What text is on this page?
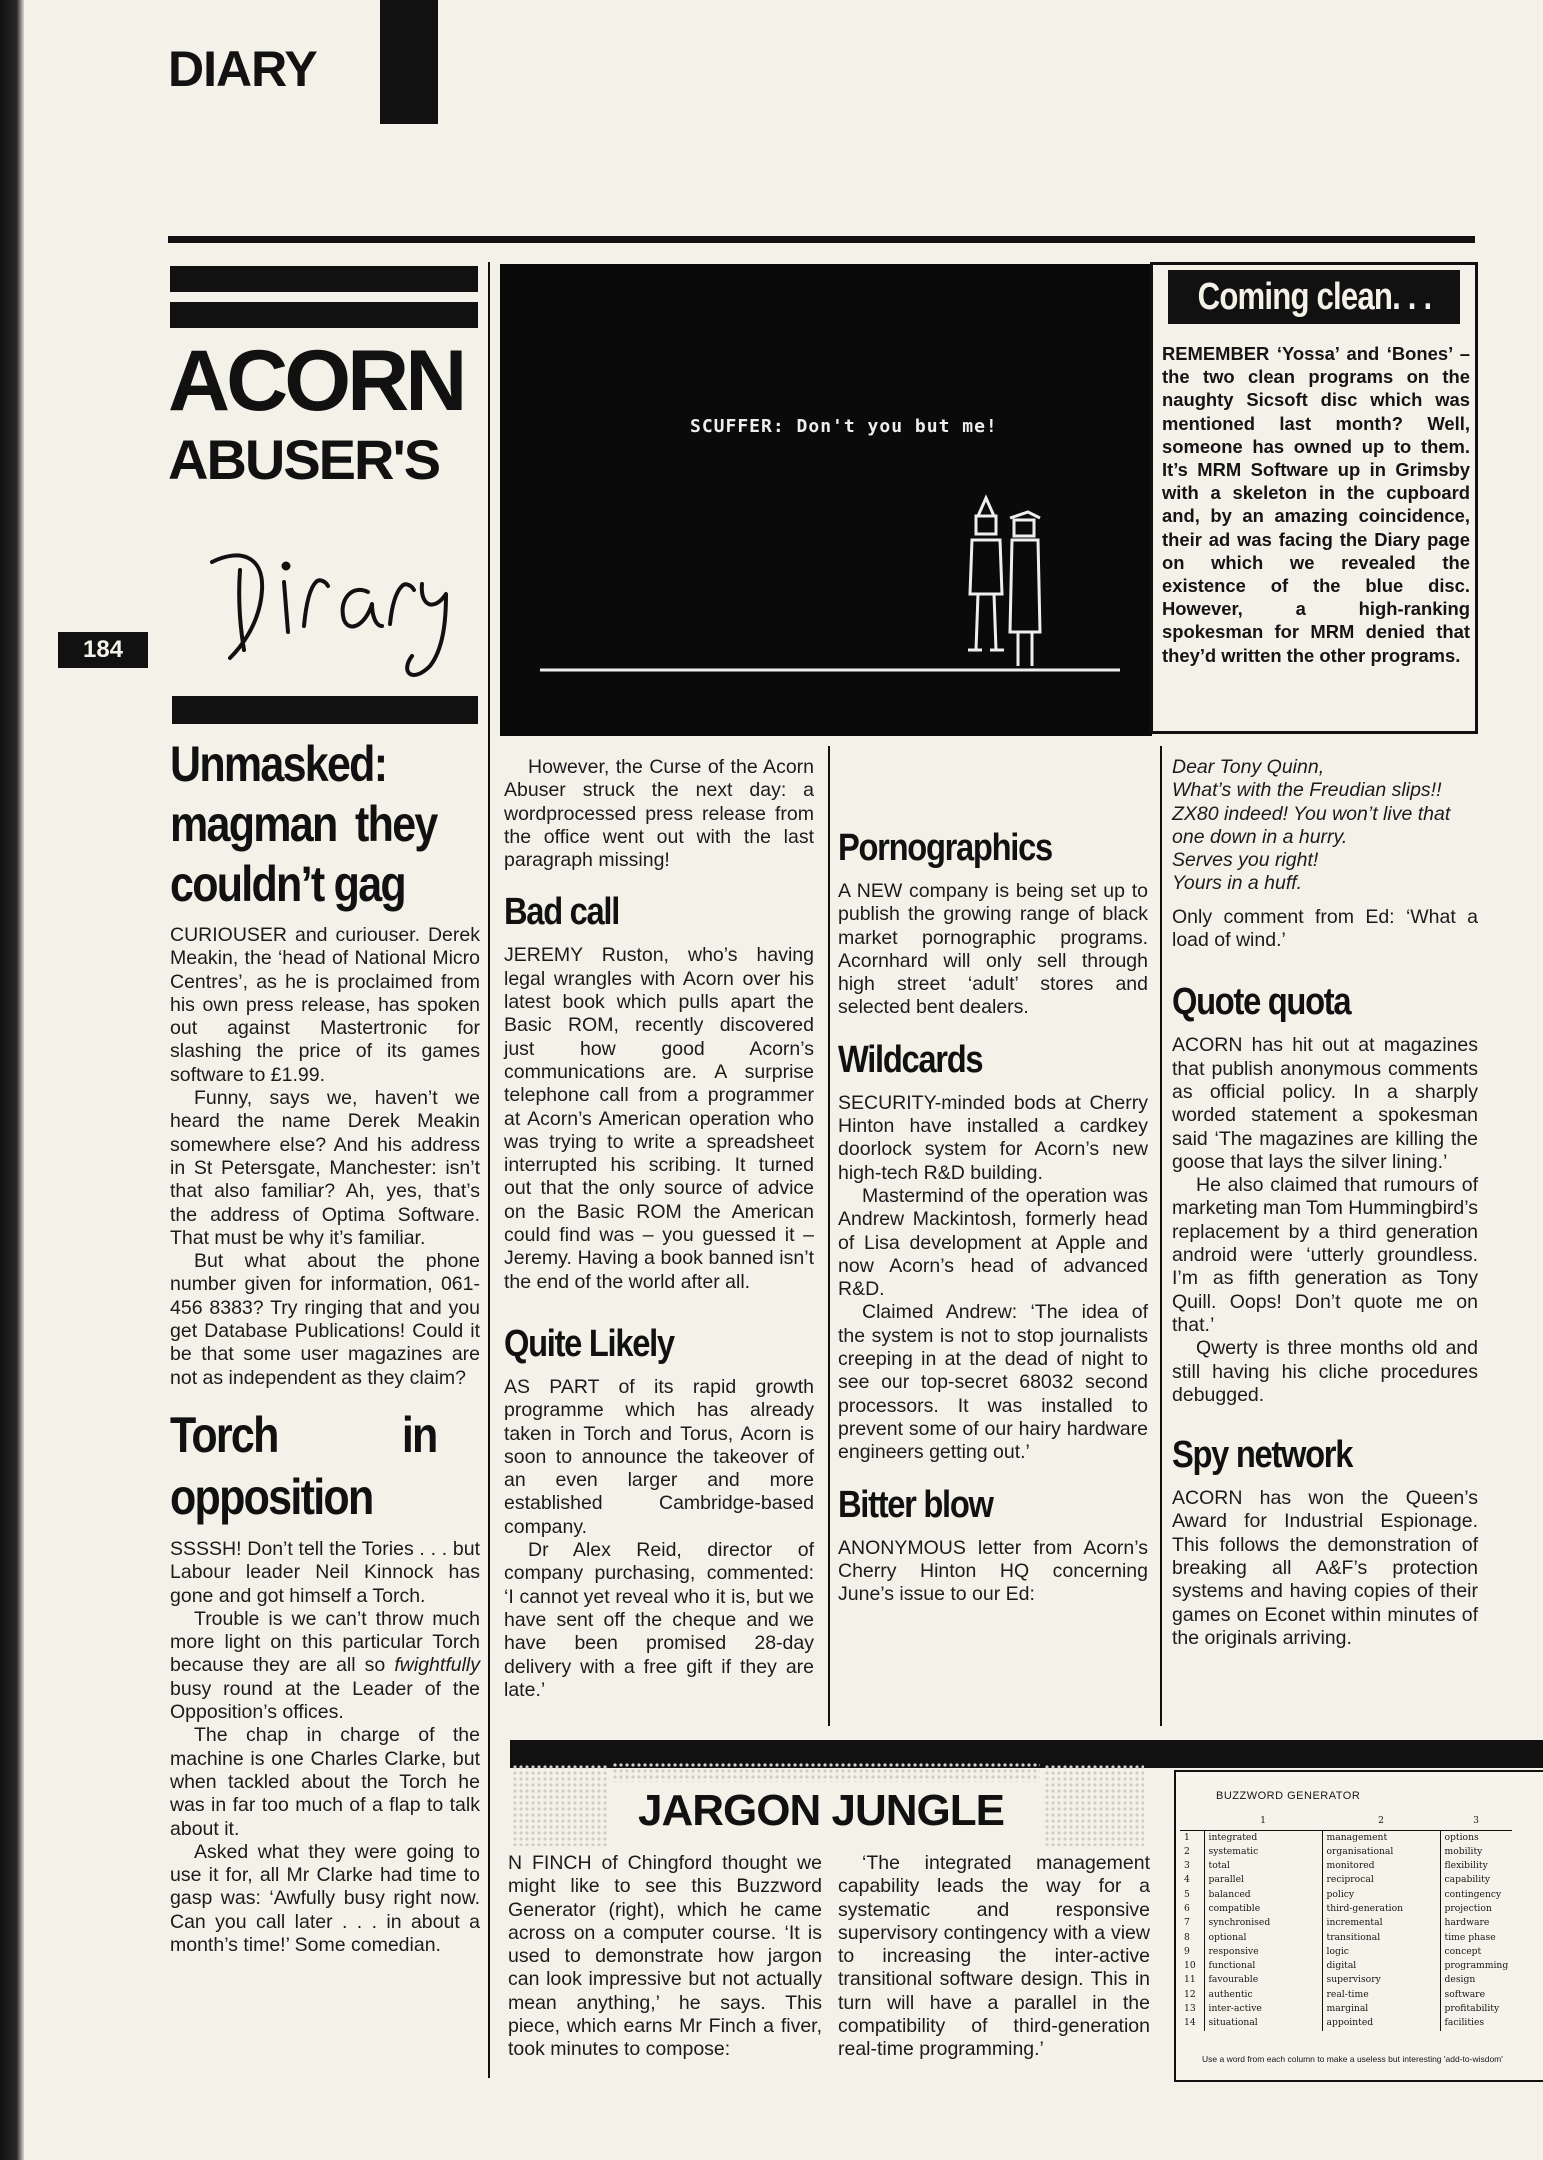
DIARY
ACORN
ABUSER'S
184
SCUFFER: Don't you but me!
Coming clean. . .
REMEMBER ‘Yossa’ and ‘Bones’ – the two clean programs on the naughty Sicsoft disc which was mentioned last month? Well, someone has owned up to them. It’s MRM Software up in Grimsby with a skeleton in the cupboard and, by an amazing coincidence, their ad was facing the Diary page on which we revealed the existence of the blue disc. However, a high-ranking spokesman for MRM denied that they’d written the other programs.
Unmasked: magman they couldn’t gag

CURIOUSER and curiouser. Derek Meakin, the ‘head of National Micro Centres’, as he is proclaimed from his own press release, has spoken out against Mastertronic for slashing the price of its games software to £1.99.

Funny, says we, haven’t we heard the name Derek Meakin somewhere else? And his address in St Petersgate, Manchester: isn’t that also familiar? Ah, yes, that’s the address of Optima Software. That must be why it’s familiar.

But what about the phone number given for information, 061-456 8383? Try ringing that and you get Database Publications! Could it be that some user magazines are not as independent as they claim?

Torch in opposition

SSSSH! Don’t tell the Tories . . . but Labour leader Neil Kinnock has gone and got himself a Torch.

Trouble is we can’t throw much more light on this particular Torch because they are all so fwightfully busy round at the Leader of the Opposition’s offices.

The chap in charge of the machine is one Charles Clarke, but when tackled about the Torch he was in far too much of a flap to talk about it.

Asked what they were going to use it for, all Mr Clarke had time to gasp was: ‘Awfully busy right now. Can you call later . . . in about a month’s time!’ Some comedian.

However, the Curse of the Acorn Abuser struck the next day: a wordprocessed press release from the office went out with the last paragraph missing!

Bad call

JEREMY Ruston, who’s having legal wrangles with Acorn over his latest book which pulls apart the Basic ROM, recently discovered just how good Acorn’s communications are. A surprise telephone call from a programmer at Acorn’s American operation who was trying to write a spreadsheet interrupted his scribing. It turned out that the only source of advice on the Basic ROM the American could find was – you guessed it – Jeremy. Having a book banned isn’t the end of the world after all.

Quite Likely

AS PART of its rapid growth programme which has already taken in Torch and Torus, Acorn is soon to announce the takeover of an even larger and more established Cambridge-based company.

Dr Alex Reid, director of company purchasing, commented: ‘I cannot yet reveal who it is, but we have sent off the cheque and we have been promised 28-day delivery with a free gift if they are late.’

Pornographics

A NEW company is being set up to publish the growing range of black market pornographic programs. Acornhard will only sell through high street ‘adult’ stores and selected bent dealers.

Wildcards

SECURITY-minded bods at Cherry Hinton have installed a cardkey doorlock system for Acorn’s new high-tech R&D building.

Mastermind of the operation was Andrew Mackintosh, formerly head of Lisa development at Apple and now Acorn’s head of advanced R&D.

Claimed Andrew: ‘The idea of the system is not to stop journalists creeping in at the dead of night to see our top-secret 68032 second processors. It was installed to prevent some of our hairy hardware engineers getting out.’

Bitter blow

ANONYMOUS letter from Acorn’s Cherry Hinton HQ concerning June’s issue to our Ed:

Dear Tony Quinn,
What’s with the Freudian slips!! ZX80 indeed! You won’t live that one down in a hurry.
Serves you right!
Yours in a huff.

Only comment from Ed: ‘What a load of wind.’

Quote quota

ACORN has hit out at magazines that publish anonymous comments as official policy. In a sharply worded statement a spokesman said ‘The magazines are killing the goose that lays the silver lining.’

He also claimed that rumours of marketing man Tom Hummingbird’s replacement by a third generation android were ‘utterly groundless. I’m as fifth generation as Tony Quill. Oops! Don’t quote me on that.’

Qwerty is three months old and still having his cliche procedures debugged.

Spy network

ACORN has won the Queen’s Award for Industrial Espionage. This follows the demonstration of breaking all A&F’s protection systems and having copies of their games on Econet within minutes of the originals arriving.

JARGON JUNGLE

N FINCH of Chingford thought we might like to see this Buzzword Generator (right), which he came across on a computer course. ‘It is used to demonstrate how jargon can look impressive but not actually mean anything,’ he says. This piece, which earns Mr Finch a fiver, took minutes to compose:

‘The integrated management capability leads the way for a systematic and responsive supervisory contingency with a view to increasing the inter-active transitional software design. This in turn will have a parallel in the compatibility of third-generation real-time programming.’

BUZZWORD GENERATOR
	1	2	3
1	integrated	management	options
2	systematic	organisational	mobility
3	total	monitored	flexibility
4	parallel	reciprocal	capability
5	balanced	policy	contingency
6	compatible	third-generation	projection
7	synchronised	incremental	hardware
8	optional	transitional	time phase
9	responsive	logic	concept
10	functional	digital	programming
11	favourable	supervisory	design
12	authentic	real-time	software
13	inter-active	marginal	profitability
14	situational	appointed	facilities
Use a word from each column to make a useless but interesting 'add-to-wisdom'
